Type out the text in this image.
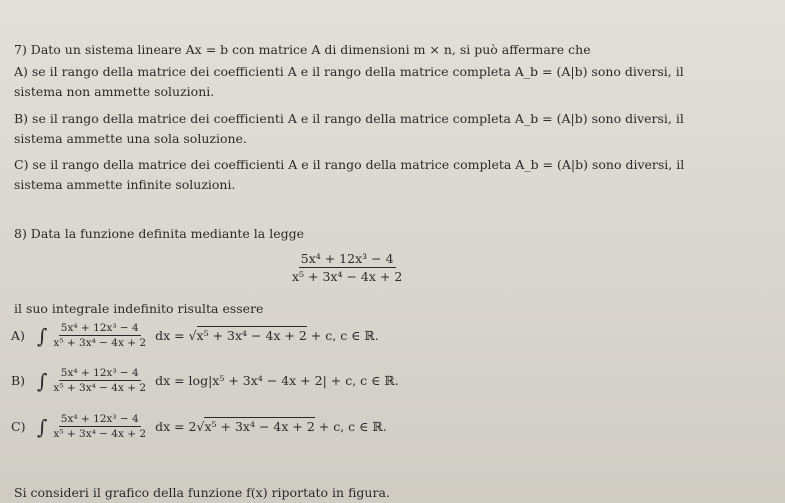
7) Dato un sistema lineare Ax = b con matrice A di dimensioni m × n, si può affermare che
A) se il rango della matrice dei coefficienti A e il rango della matrice completa A_b = (A|b) sono diversi, il
sistema non ammette soluzioni.
B) se il rango della matrice dei coefficienti A e il rango della matrice completa A_b = (A|b) sono diversi, il
sistema ammette una sola soluzione.
C) se il rango della matrice dei coefficienti A e il rango della matrice completa A_b = (A|b) sono diversi, il
sistema ammette infinite soluzioni.
8) Data la funzione definita mediante la legge
$\frac{\text{5x⁴ + 12x³ − 4}}{\text{x⁵ + 3x⁴ − 4x + 2}}$
il suo integrale indefinito risulta essere
A) ∫ $\frac{\text{5x⁴ + 12x³ − 4}}{\text{x⁵ + 3x⁴ − 4x + 2}}$ dx = √x⁵ + 3x⁴ − 4x + 2 + c, c ∈ ℝ.
B) ∫ $\frac{\text{5x⁴ + 12x³ − 4}}{\text{x⁵ + 3x⁴ − 4x + 2}}$ dx = log|x⁵ + 3x⁴ − 4x + 2| + c, c ∈ ℝ.
C) ∫ $\frac{\text{5x⁴ + 12x³ − 4}}{\text{x⁵ + 3x⁴ − 4x + 2}}$ dx = 2√x⁵ + 3x⁴ − 4x + 2 + c, c ∈ ℝ.
Si consideri il grafico della funzione f(x) riportato in figura.
